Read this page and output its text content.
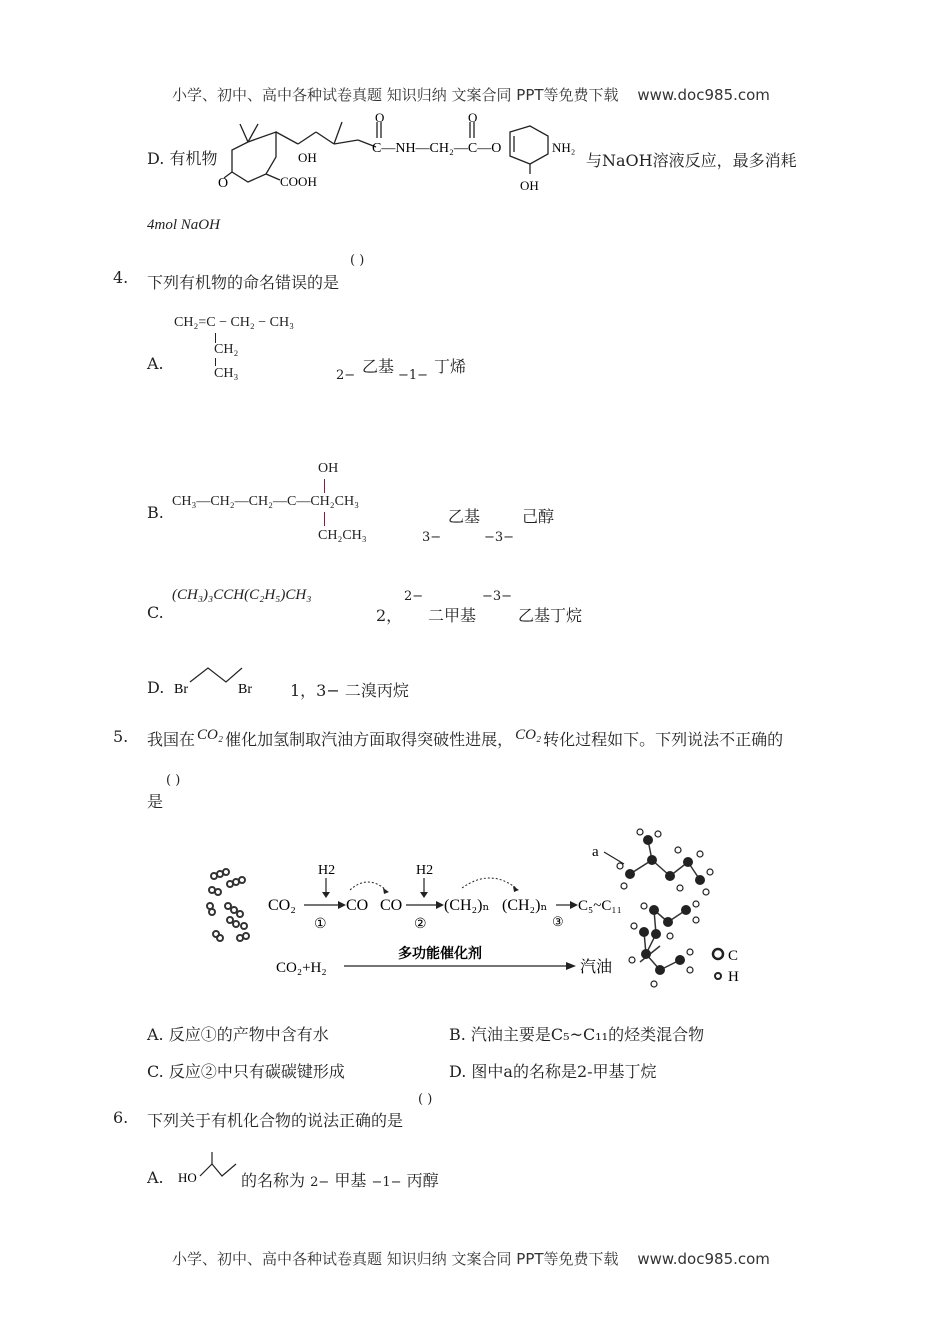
小学、初中、高中各种试卷真题 知识归纳 文案合同 PPT等免费下载 www.doc985.com
D. 有机物
O
OH
COOH
O	O
C—NH—CH₂—C—O	NH₂
OH
与NaOH溶液反应，最多消耗
4mol NaOH
4. 下列有机物的命名错误的是
( )
A.
CH₂=C − CH₂ − CH₃
CH₂
CH₃	2− 乙基 −1− 丁烯
B.
OH
CH₃—CH₂—CH₂—C—CH₂CH₃
CH₂CH₃	3−
乙基
−3−
己醇
C.
(CH₃)₃CCH(C₂H₅)CH₃
2，
2−
二甲基
−3−
乙基丁烷
D. Br	Br 1，3− 二溴丙烷
5. 我国在 CO₂ 催化加氢制取汽油方面取得突破性进展， CO₂ 转化过程如下。下列说法不正确的
是
( )
H2	H2
CO₂	CO
①
CO
②
(CH₂)ₙ (CH₂)ₙ
③
C₅~C₁₁
CO₂+H₂
多功能催化剂
汽油
a
C
H
A. 反应①的产物中含有水	B. 汽油主要是C₅~C₁₁的烃类混合物
C. 反应②中只有碳碳键形成	D. 图中a的名称是2-甲基丁烷
6. 下列关于有机化合物的说法正确的是
( )
A. HO	的名称为 2− 甲基 −1− 丙醇
小学、初中、高中各种试卷真题 知识归纳 文案合同 PPT等免费下载 www.doc985.com
